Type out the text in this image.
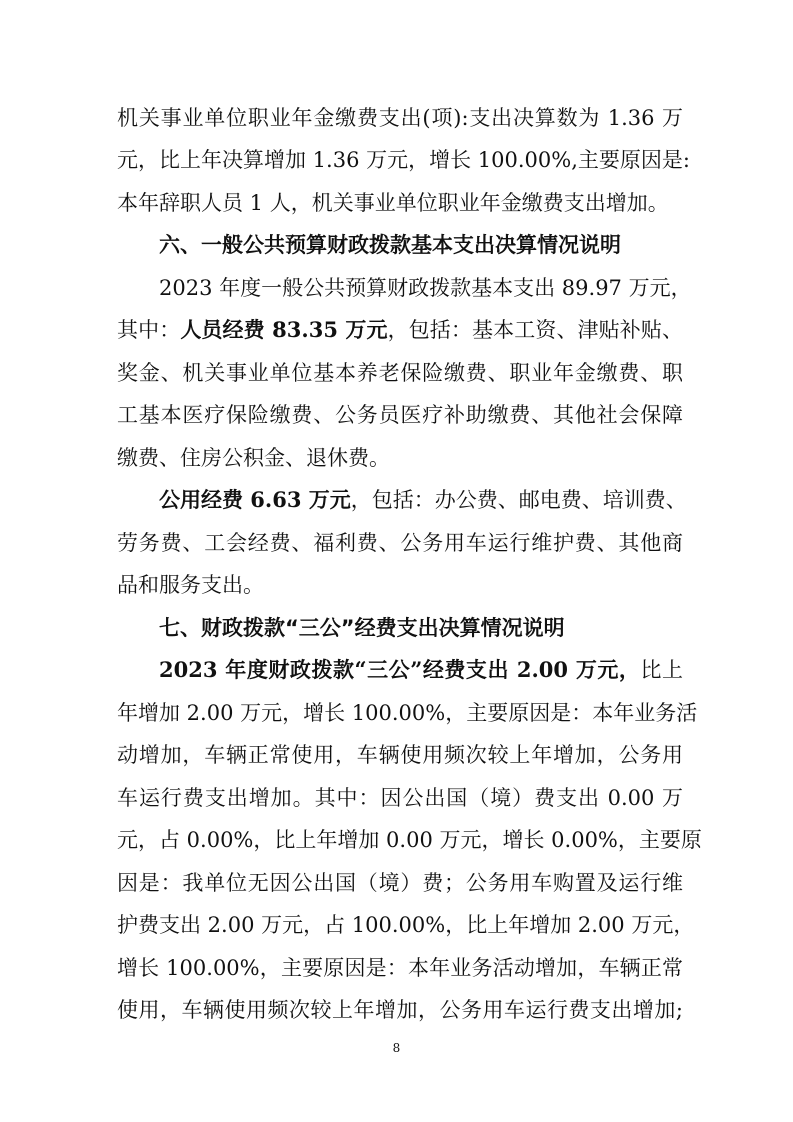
机关事业单位职业年金缴费支出(项):支出决算数为 1.36 万
元，比上年决算增加 1.36 万元，增长 100.00%,主要原因是:
本年辞职人员 1 人，机关事业单位职业年金缴费支出增加。
六、一般公共预算财政拨款基本支出决算情况说明
2023 年度一般公共预算财政拨款基本支出 89.97 万元，
其中：人员经费 83.35 万元，包括：基本工资、津贴补贴、
奖金、机关事业单位基本养老保险缴费、职业年金缴费、职
工基本医疗保险缴费、公务员医疗补助缴费、其他社会保障
缴费、住房公积金、退休费。
公用经费 6.63 万元，包括：办公费、邮电费、培训费、
劳务费、工会经费、福利费、公务用车运行维护费、其他商
品和服务支出。
七、财政拨款“三公”经费支出决算情况说明
2023 年度财政拨款“三公”经费支出 2.00 万元，比上
年增加 2.00 万元，增长 100.00%，主要原因是：本年业务活
动增加，车辆正常使用，车辆使用频次较上年增加，公务用
车运行费支出增加。其中：因公出国（境）费支出 0.00 万
元，占 0.00%，比上年增加 0.00 万元，增长 0.00%，主要原
因是：我单位无因公出国（境）费；公务用车购置及运行维
护费支出 2.00 万元，占 100.00%，比上年增加 2.00 万元，
增长 100.00%，主要原因是：本年业务活动增加，车辆正常
使用，车辆使用频次较上年增加，公务用车运行费支出增加;
8
